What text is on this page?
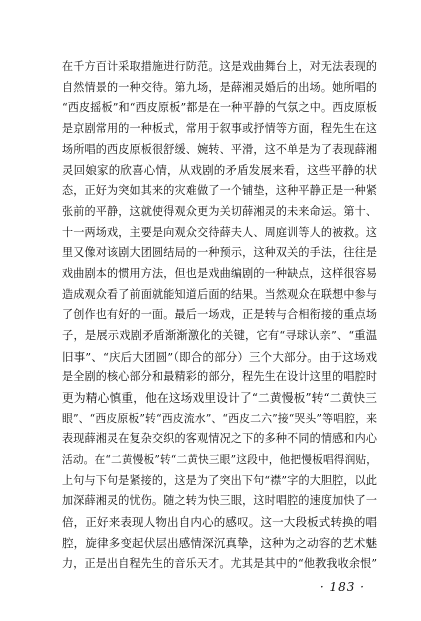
在千方百计采取措施进行防范。这是戏曲舞台上，对无法表现的
自然情景的一种交待。第九场，是薛湘灵婚后的出场。她所唱的
“西皮摇板”和“西皮原板”都是在一种平静的气氛之中。西皮原板
是京剧常用的一种板式，常用于叙事或抒情等方面，程先生在这
场所唱的西皮原板很舒缓、婉转、平滑，这不单是为了表现薛湘
灵回娘家的欣喜心情，从戏剧的矛盾发展来看，这些平静的状
态，正好为突如其来的灾难做了一个铺垫，这种平静正是一种紧
张前的平静，这就使得观众更为关切薛湘灵的未来命运。第十、
十一两场戏，主要是向观众交待薛夫人、周庭训等人的被救。这
里又像对该剧大团圆结局的一种预示，这种双关的手法，往往是
戏曲剧本的惯用方法，但也是戏曲编剧的一种缺点，这样很容易
造成观众看了前面就能知道后面的结果。当然观众在联想中参与
了创作也有好的一面。最后一场戏，正是转与合相衔接的重点场
子，是展示戏剧矛盾渐渐激化的关键，它有“寻球认亲”、“重温
旧事”、“庆后大团圆”（即合的部分）三个大部分。由于这场戏
是全剧的核心部分和最精彩的部分，程先生在设计这里的唱腔时
更为精心慎重，他在这场戏里设计了“二黄慢板”转“二黄快三
眼”、“西皮原板”转“西皮流水”、“西皮二六”接“哭头”等唱腔，来
表现薛湘灵在复杂交织的客观情况之下的多种不同的情感和内心
活动。在“二黄慢板”转“二黄快三眼”这段中，他把慢板唱得润贴，
上句与下句是紧接的，这是为了突出下句“襟”字的大胆腔，以此
加深薛湘灵的忧伤。随之转为快三眼，这时唱腔的速度加快了一
倍，正好来表现人物出自内心的感叹。这一大段板式转换的唱
腔，旋律多变起伏层出感情深沉真挚，这种为之动容的艺术魅
力，正是出自程先生的音乐天才。尤其是其中的“他教我收余恨”
· 183 ·
